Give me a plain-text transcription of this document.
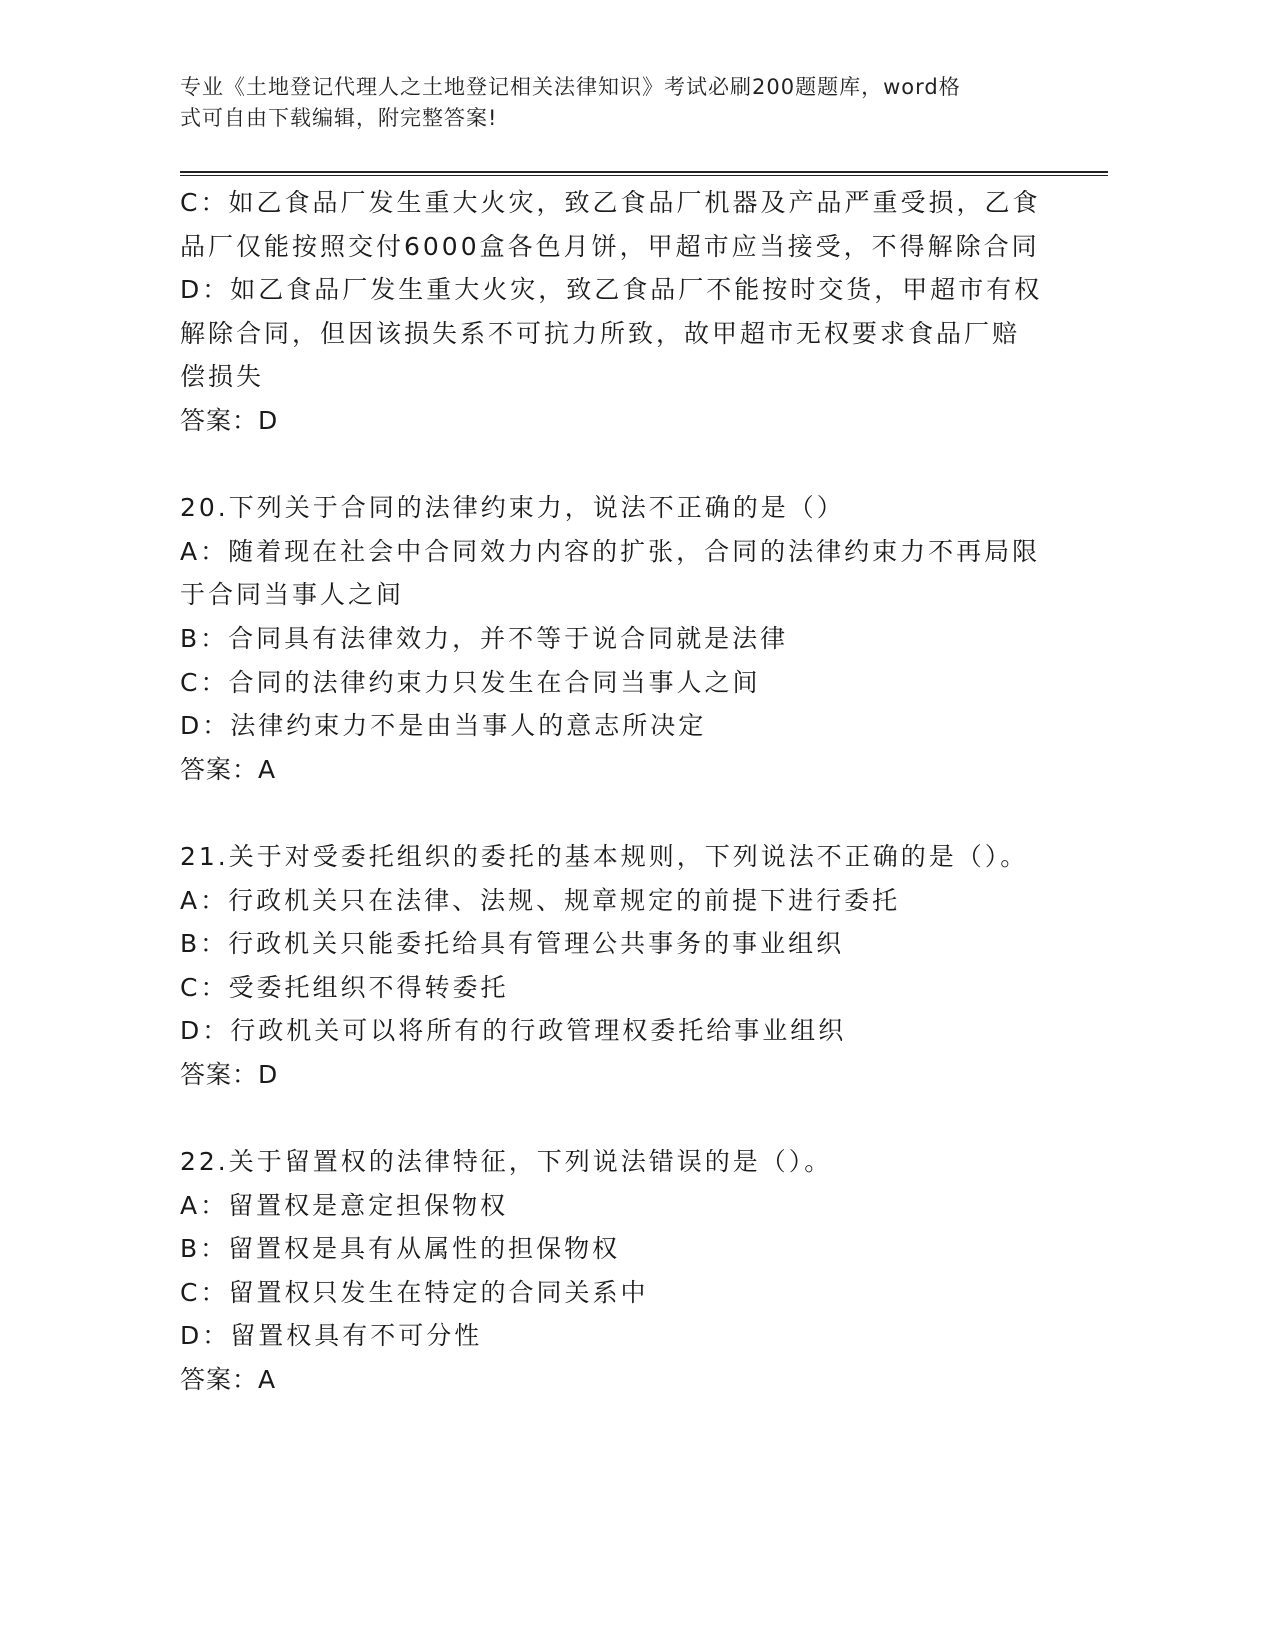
专业《土地登记代理人之土地登记相关法律知识》考试必刷200题题库，word格
式可自由下载编辑，附完整答案!
C：如乙食品厂发生重大火灾，致乙食品厂机器及产品严重受损，乙食
品厂仅能按照交付6000盒各色月饼，甲超市应当接受，不得解除合同
D：如乙食品厂发生重大火灾，致乙食品厂不能按时交货，甲超市有权
解除合同，但因该损失系不可抗力所致，故甲超市无权要求食品厂赔
偿损失
答案：D
20.下列关于合同的法律约束力，说法不正确的是（）
A：随着现在社会中合同效力内容的扩张，合同的法律约束力不再局限
于合同当事人之间
B：合同具有法律效力，并不等于说合同就是法律
C：合同的法律约束力只发生在合同当事人之间
D：法律约束力不是由当事人的意志所决定
答案：A
21.关于对受委托组织的委托的基本规则，下列说法不正确的是（）。
A：行政机关只在法律、法规、规章规定的前提下进行委托
B：行政机关只能委托给具有管理公共事务的事业组织
C：受委托组织不得转委托
D：行政机关可以将所有的行政管理权委托给事业组织
答案：D
22.关于留置权的法律特征，下列说法错误的是（）。
A：留置权是意定担保物权
B：留置权是具有从属性的担保物权
C：留置权只发生在特定的合同关系中
D：留置权具有不可分性
答案：A
